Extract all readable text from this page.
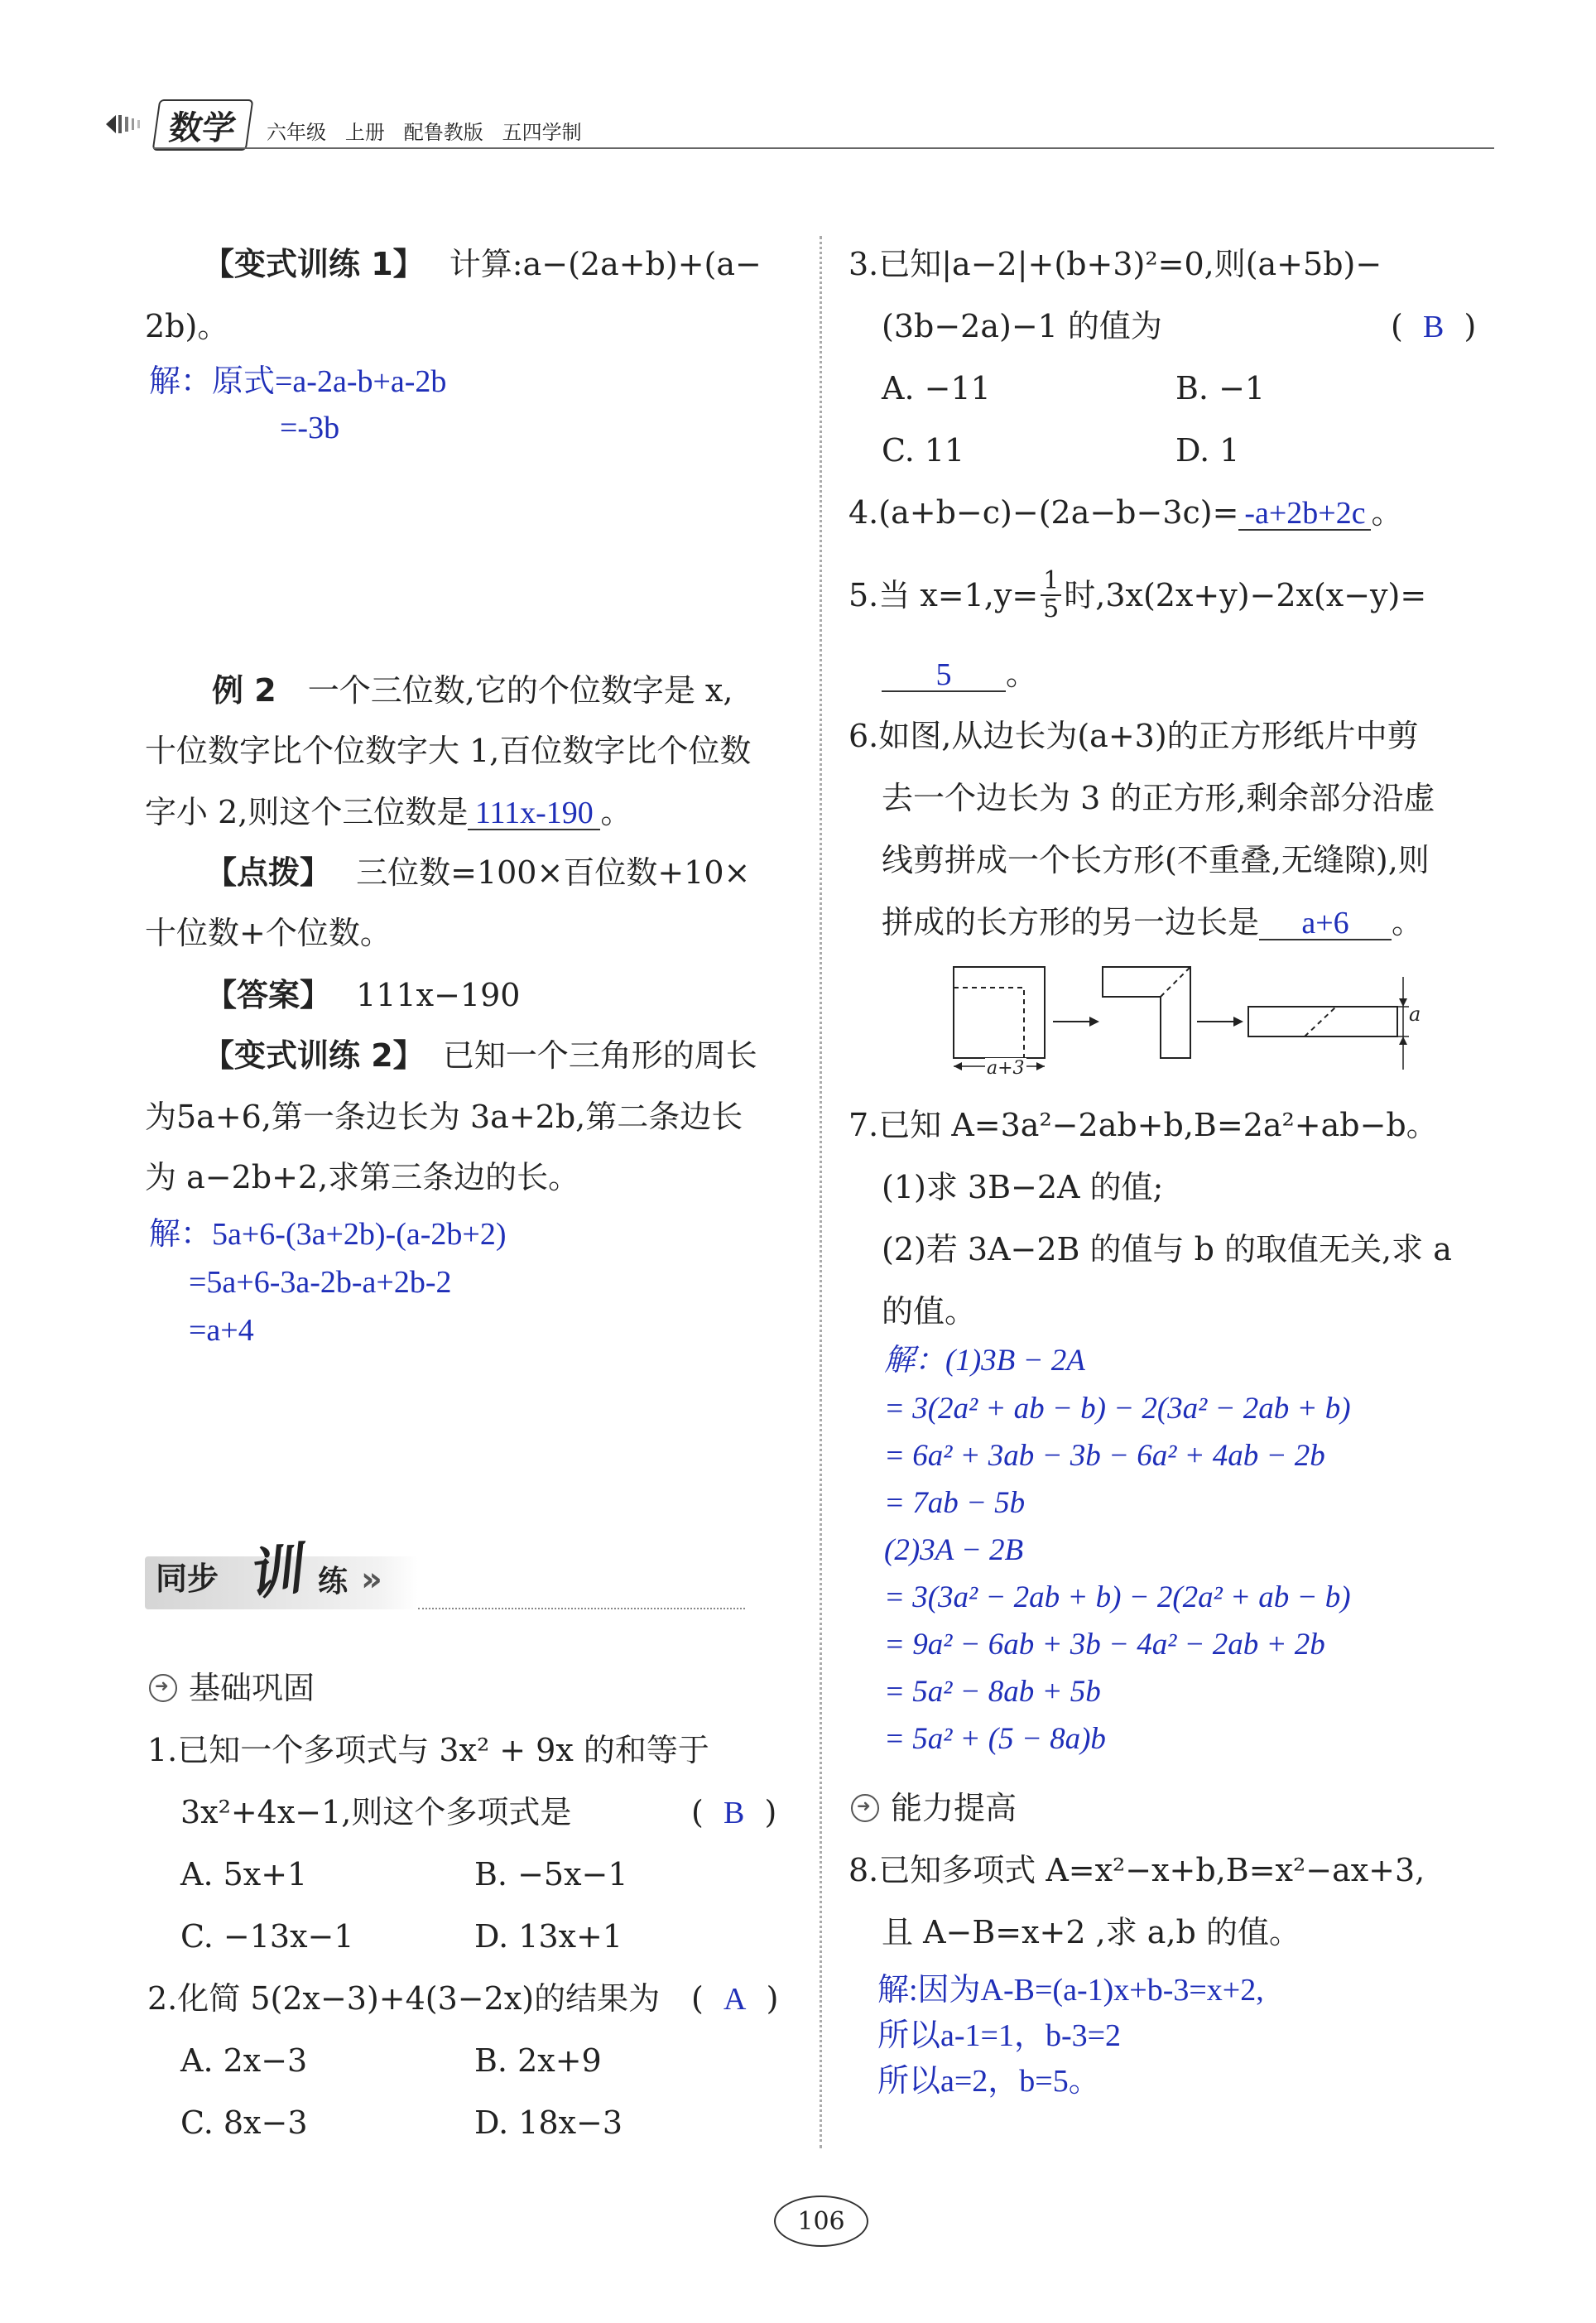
数学	六年级 上册 配鲁教版 五四学制
【变式训练 1】 计算:a−(2a+b)+(a−
2b)。
解：原式=a-2a-b+a-2b
=-3b
例 2 一个三位数,它的个位数字是 x,
十位数字比个位数字大 1,百位数字比个位数
字小 2,则这个三位数是 111x-190 。
【点拨】 三位数=100×百位数+10×
十位数+个位数。
【答案】 111x−190
【变式训练 2】 已知一个三角形的周长
为5a+6,第一条边长为 3a+2b,第二条边长
为 a−2b+2,求第三条边的长。
解：5a+6-(3a+2b)-(a-2b+2)
=5a+6-3a-2b-a+2b-2
=a+4
同步 训 练 »
➜基础巩固
1.已知一个多项式与 3x² + 9x 的和等于
3x²+4x−1,则这个多项式是	(  B  )
A. 5x+1	B. −5x−1
C. −13x−1	D. 13x+1
2.化简 5(2x−3)+4(3−2x)的结果为 (  A  )
A. 2x−3	B. 2x+9
C. 8x−3	D. 18x−3
3.已知|a−2|+(b+3)²=0,则(a+5b)−
(3b−2a)−1 的值为	(  B  )
A. −11	B. −1
C. 11	D. 1
4.(a+b−c)−(2a−b−3c)= -a+2b+2c 。
5.当 $x=1,y= \frac{1}{5}$ 时,3x(2x+y)−2x(x−y)=
5 。
6.如图,从边长为(a+3)的正方形纸片中剪
去一个边长为 3 的正方形,剩余部分沿虚
线剪拼成一个长方形(不重叠,无缝隙),则
拼成的长方形的另一边长是 a+6 。
a+3
a
7.已知 A=3a²−2ab+b,B=2a²+ab−b。
(1)求 3B−2A 的值;
(2)若 3A−2B 的值与 b 的取值无关,求 a
的值。
解：(1)3B − 2A
= 3(2a² + ab − b) − 2(3a² − 2ab + b)
= 6a² + 3ab − 3b − 6a² + 4ab − 2b
= 7ab − 5b
(2)3A − 2B
= 3(3a² − 2ab + b) − 2(2a² + ab − b)
= 9a² − 6ab + 3b − 4a² − 2ab + 2b
= 5a² − 8ab + 5b
= 5a² + (5 − 8a)b
➜能力提高
8.已知多项式 A=x²−x+b,B=x²−ax+3,
且 A−B=x+2 ,求 a,b 的值。
解:因为A-B=(a-1)x+b-3=x+2,
所以a-1=1，b-3=2
所以a=2，b=5。
106
